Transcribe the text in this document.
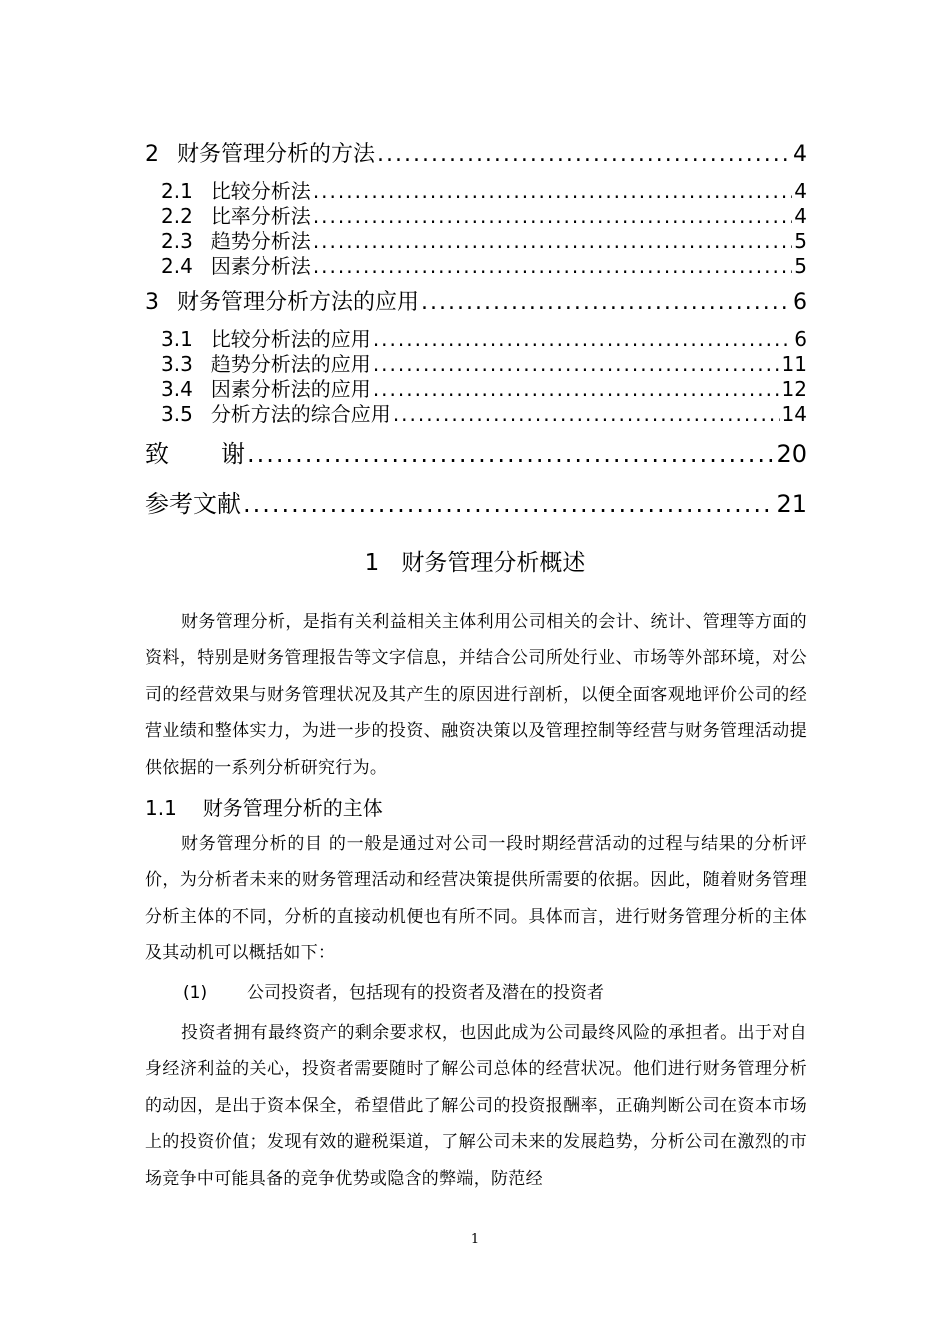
2 财务管理分析的方法 .....	4
2.1 比较分析法 .....	4
2.2 比率分析法 .....	4
2.3 趋势分析法 .....	5
2.4 因素分析法 .....	5
3 财务管理分析方法的应用 .....	6
3.1 比较分析法的应用 .....	6
3.3 趋势分析法的应用 .....	11
3.4 因素分析法的应用 .....	12
3.5 分析方法的综合应用 .....	14
致 谢 .....	20
参考文献 .....	21
1 财务管理分析概述
财务管理分析，是指有关利益相关主体利用公司相关的会计、统计、管理等方面的资料，特别是财务管理报告等文字信息，并结合公司所处行业、市场等外部环境，对公司的经营效果与财务管理状况及其产生的原因进行剖析，以便全面客观地评价公司的经营业绩和整体实力，为进一步的投资、融资决策以及管理控制等经营与财务管理活动提供依据的一系列分析研究行为。
1.1 财务管理分析的主体
财务管理分析的目 的一般是通过对公司一段时期经营活动的过程与结果的分析评价，为分析者未来的财务管理活动和经营决策提供所需要的依据。因此，随着财务管理分析主体的不同，分析的直接动机便也有所不同。具体而言，进行财务管理分析的主体及其动机可以概括如下：
(1) 公司投资者，包括现有的投资者及潜在的投资者
投资者拥有最终资产的剩余要求权，也因此成为公司最终风险的承担者。出于对自身经济利益的关心，投资者需要随时了解公司总体的经营状况。他们进行财务管理分析的动因，是出于资本保全，希望借此了解公司的投资报酬率，正确判断公司在资本市场上的投资价值；发现有效的避税渠道，了解公司未来的发展趋势，分析公司在激烈的市场竞争中可能具备的竞争优势或隐含的弊端，防范经
1
